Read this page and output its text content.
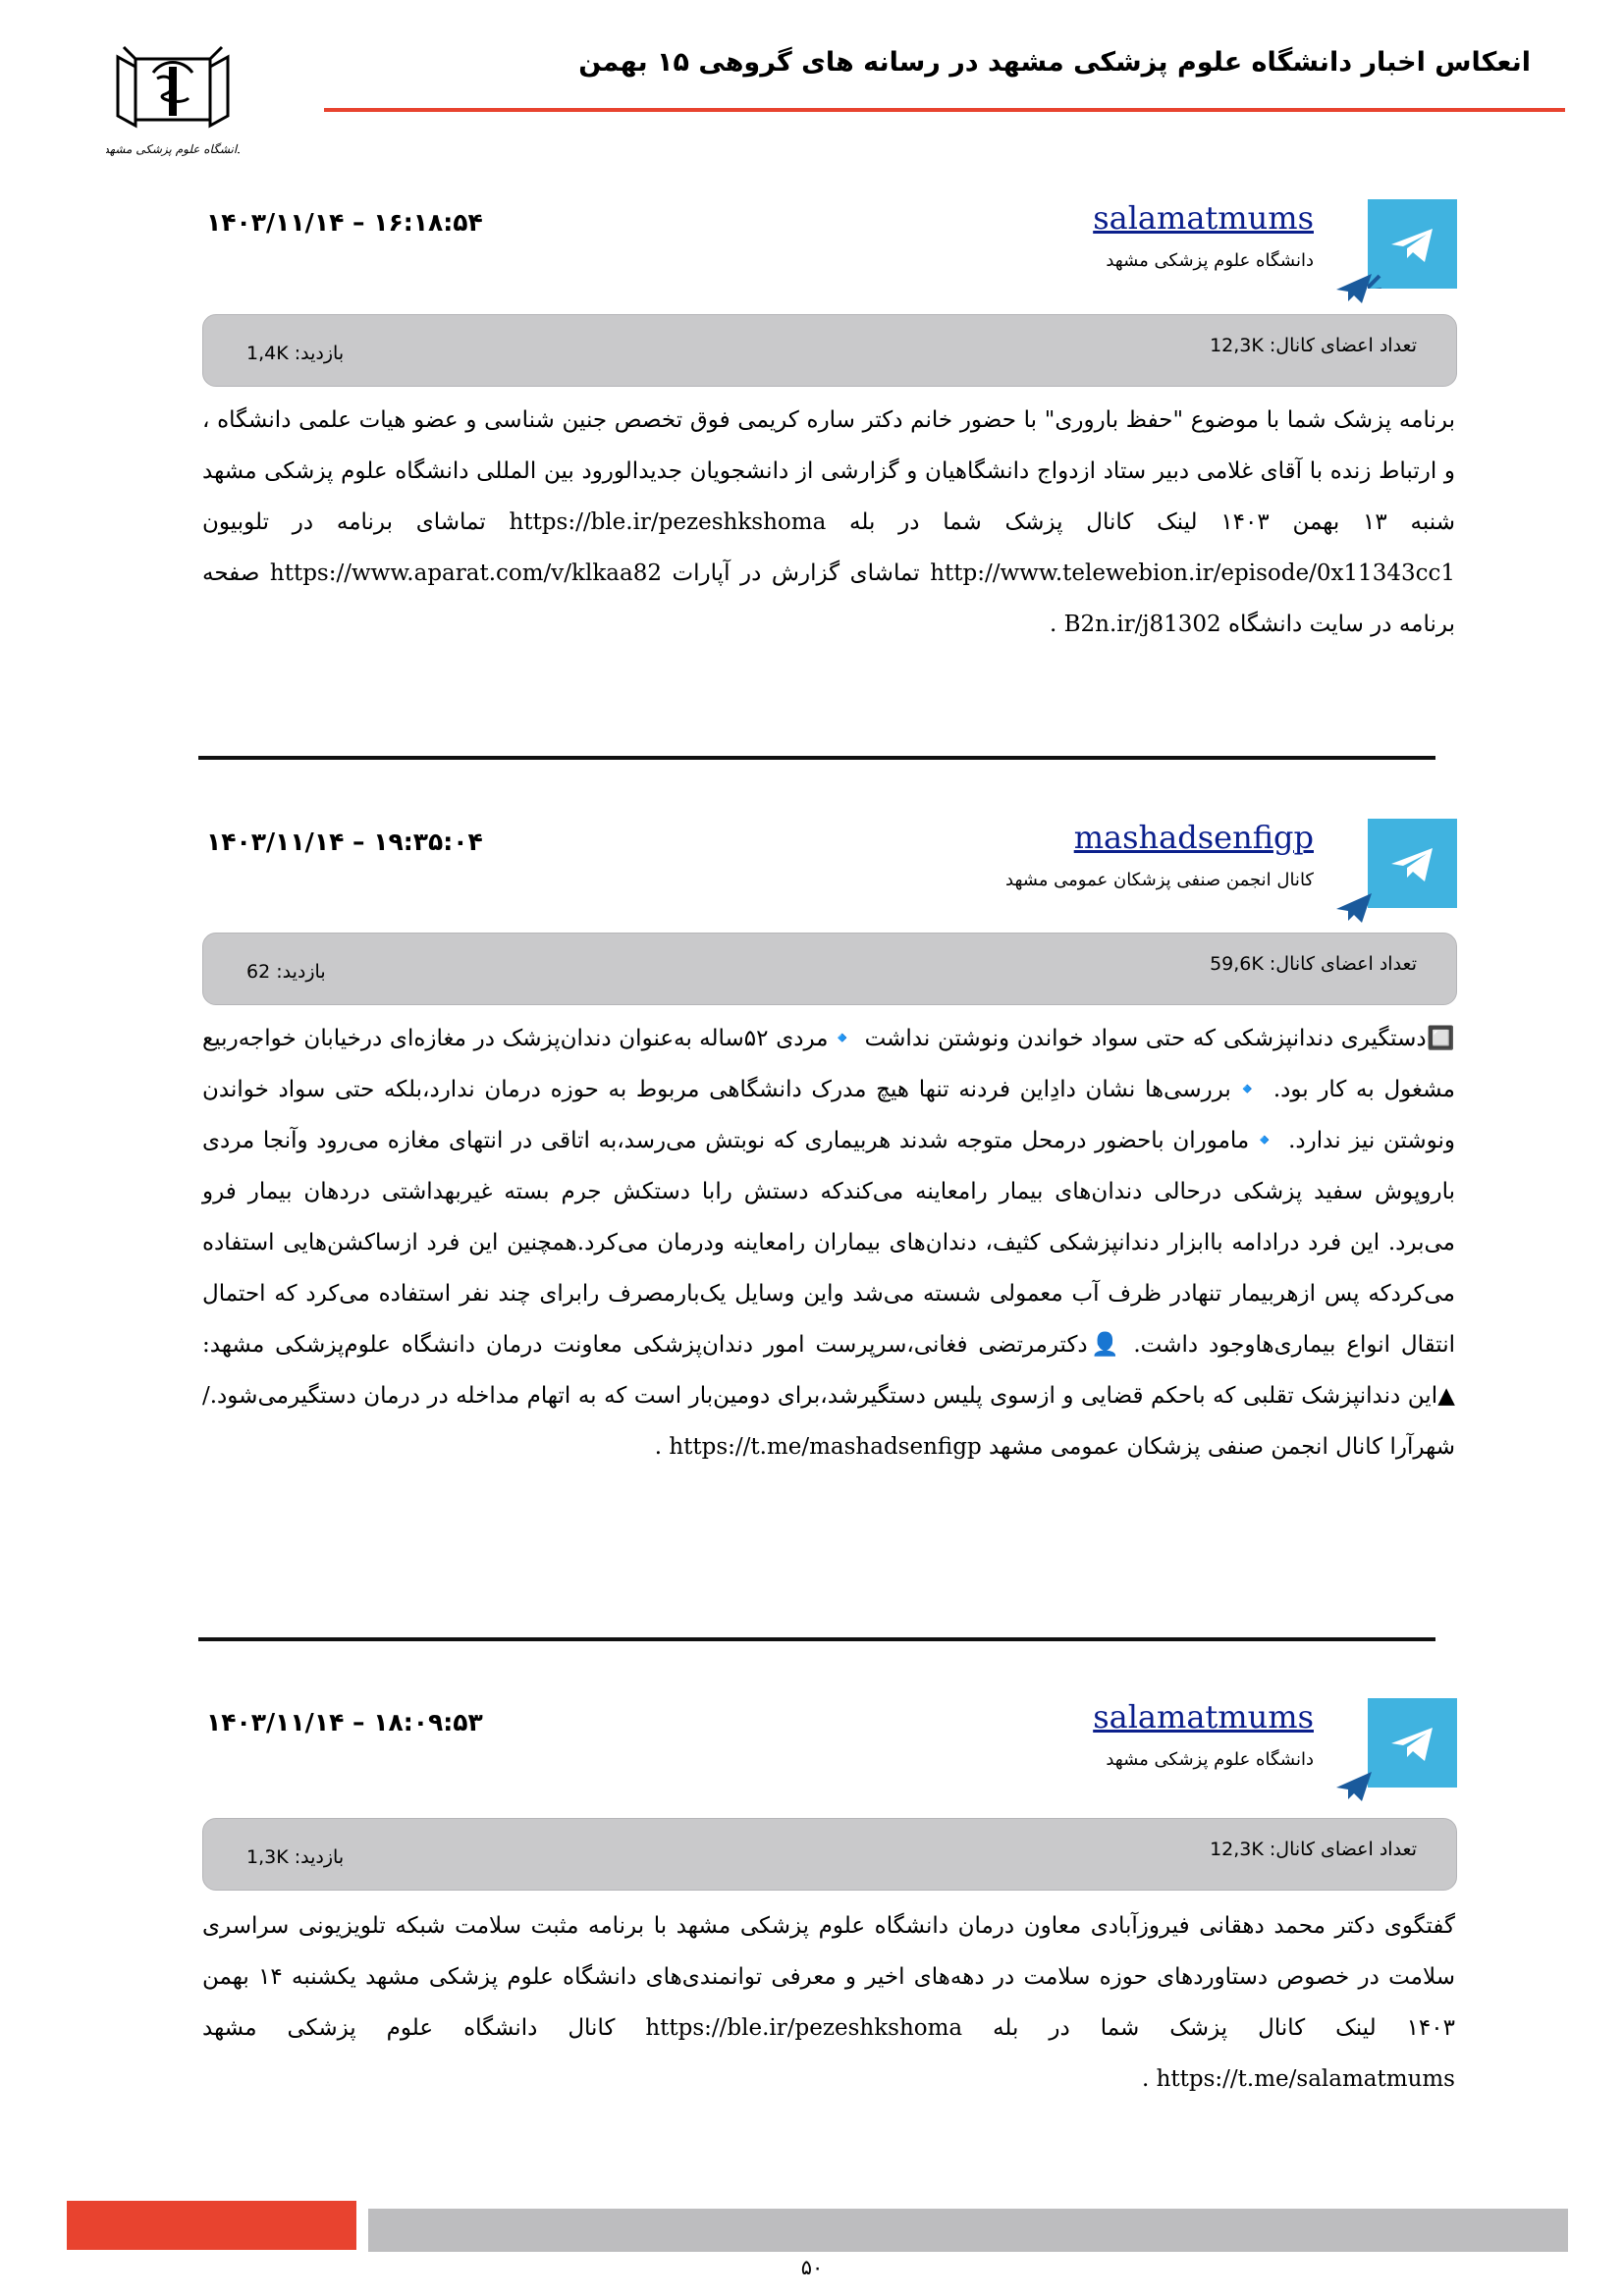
دانشگاه علوم پزشکی مشهد
انعکاس اخبار دانشگاه علوم پزشکی مشهد در رسانه های گروهی ۱۵ بهمن
salamatmums
دانشگاه علوم پزشکی مشهد
۱۴۰۳/۱۱/۱۴ – ۱۶:۱۸:۵۴
تعداد اعضای کانال: 12,3K
بازدید: 1,4K
برنامه پزشک شما با موضوع "حفظ باروری" با حضور خانم دکتر ساره کریمی فوق تخصص جنین شناسی و عضو هیات علمی دانشگاه ، و ارتباط زنده با آقای غلامی دبیر ستاد ازدواج دانشگاهیان و گزارشی از دانشجویان جدیدالورود بین المللی دانشگاه علوم پزشکی مشهد شنبه ۱۳ بهمن ۱۴۰۳ لینک کانال پزشک شما در بله https://ble.ir/pezeshkshoma تماشای برنامه در تلوبیون http://www.telewebion.ir/episode/0x11343cc1 تماشای گزارش در آپارات https://www.aparat.com/v/klkaa82 صفحه برنامه در سایت دانشگاه B2n.ir/j81302 .
mashadsenfigp
کانال انجمن صنفی پزشکان عمومی مشهد
۱۴۰۳/۱۱/۱۴ – ۱۹:۳۵:۰۴
تعداد اعضای کانال: 59,6K
بازدید: 62
🔲دستگیری دندانپزشکی که حتی سواد خواندن ونوشتن نداشت 🔹مردی ۵۲ساله به‌عنوان دندان‌پزشک در مغازه‌ای درخیابان خواجه‌ربیع مشغول به کار بود. 🔹بررسی‌ها نشان دادِاین فردنه تنها هیچ مدرک دانشگاهی مربوط به حوزه درمان ندارد،بلکه حتی سواد خواندن ونوشتن نیز ندارد. 🔹ماموران باحضور درمحل متوجه شدند هربیماری که نوبتش می‌رسد،به اتاقی در انتهای مغازه می‌رود وآنجا مردی باروپوش سفید پزشکی درحالی دندان‌های بیمار رامعاینه می‌کندکه دستش رابا دستکش جرم بسته غیربهداشتی دردهان بیمار فرو می‌برد. این فرد درادامه باابزار دندانپزشکی کثیف، دندان‌های بیماران رامعاینه ودرمان می‌کرد.همچنین این فرد ازساکشن‌هایی استفاده می‌کردکه پس ازهربیمار تنهادر ظرف آب معمولی شسته می‌شد واین وسایل یک‌بارمصرف رابرای چند نفر استفاده می‌کرد که احتمال انتقال انواع بیماری‌هاوجود داشت. 👤دکترمرتضی فغانی،سرپرست امور دندان‌پزشکی معاونت درمان دانشگاه علوم‌پزشکی مشهد: ▲این دندانپزشک تقلبی که باحکم قضایی و ازسوی پلیس دستگیرشد،برای دومین‌بار است که به اتهام مداخله در درمان دستگیرمی‌شود./شهرآرا کانال انجمن صنفی پزشکان عمومی مشهد https://t.me/mashadsenfigp .
salamatmums
دانشگاه علوم پزشکی مشهد
۱۴۰۳/۱۱/۱۴ – ۱۸:۰۹:۵۳
تعداد اعضای کانال: 12,3K
بازدید: 1,3K
گفتگوی دکتر محمد دهقانی فیروزآبادی معاون درمان دانشگاه علوم پزشکی مشهد با برنامه مثبت سلامت شبکه تلویزیونی سراسری سلامت در خصوص دستاوردهای حوزه سلامت در دهه‌های اخیر و معرفی توانمندی‌های دانشگاه علوم پزشکی مشهد یکشنبه ۱۴ بهمن ۱۴۰۳ لینک کانال پزشک شما در بله https://ble.ir/pezeshkshoma کانال دانشگاه علوم پزشکی مشهد https://t.me/salamatmums .
۵۰
